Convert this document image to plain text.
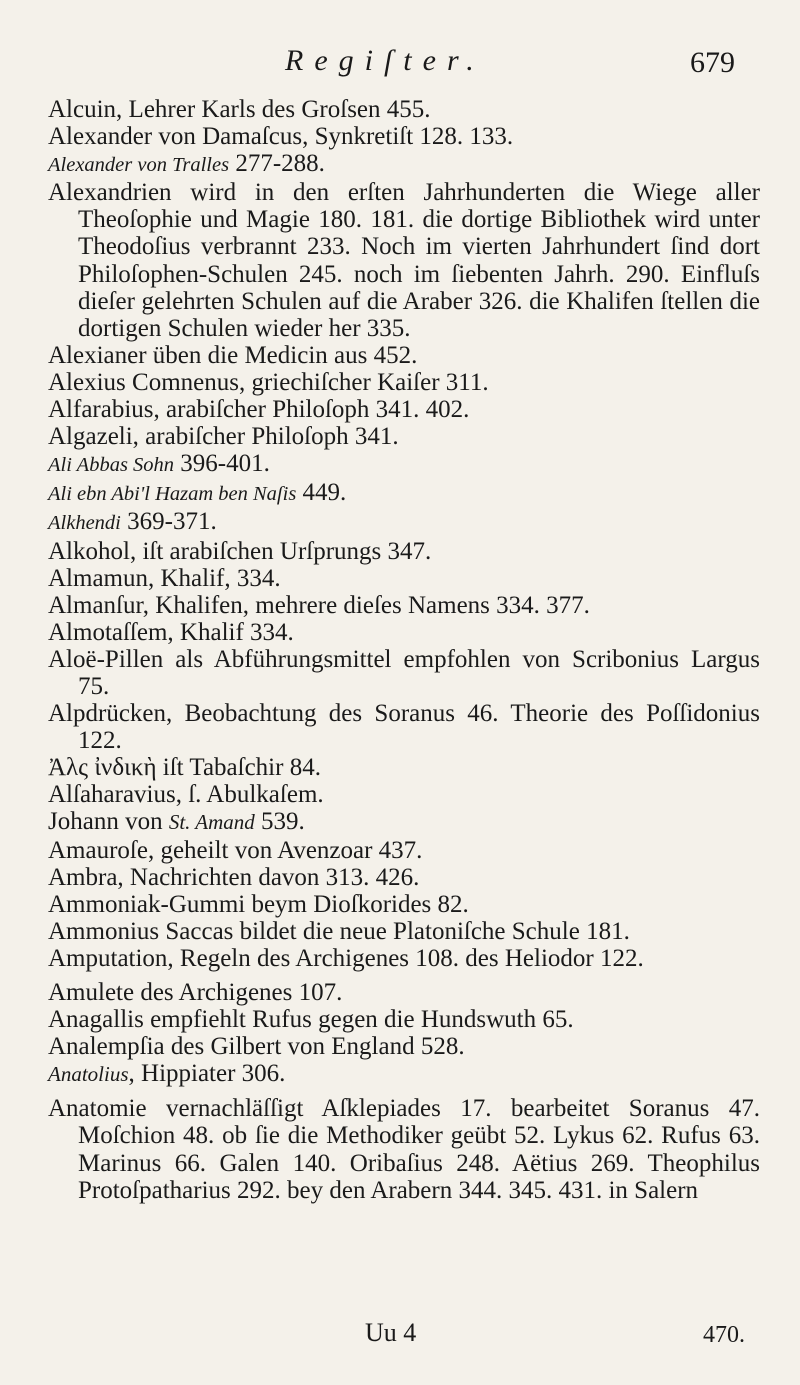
Regiſter.	679
Alcuin, Lehrer Karls des Groſsen 455.
Alexander von Damaſcus, Synkretiſt 128. 133.
Alexander von Tralles 277-288.
Alexandrien wird in den erſten Jahrhunderten die Wiege aller Theoſophie und Magie 180. 181. die dortige Bibliothek wird unter Theodoſius verbrannt 233. Noch im vierten Jahrhundert ſind dort Philoſophen-Schulen 245. noch im ſiebenten Jahrh. 290. Einfluſs dieſer gelehrten Schulen auf die Araber 326. die Khalifen ſtellen die dortigen Schulen wieder her 335.
Alexianer üben die Medicin aus 452.
Alexius Comnenus, griechiſcher Kaiſer 311.
Alfarabius, arabiſcher Philoſoph 341. 402.
Algazeli, arabiſcher Philoſoph 341.
Ali Abbas Sohn 396-401.
Ali ebn Abi'l Hazam ben Naſis 449.
Alkhendi 369-371.
Alkohol, iſt arabiſchen Urſprungs 347.
Almamun, Khalif, 334.
Almanſur, Khalifen, mehrere dieſes Namens 334. 377.
Almotaſſem, Khalif 334.
Aloë-Pillen als Abführungsmittel empfohlen von Scribonius Largus 75.
Alpdrücken, Beobachtung des Soranus 46. Theorie des Poſſidonius 122.
Ἀλς ἰνδικὴ iſt Tabaſchir 84.
Alſaharavius, ſ. Abulkaſem.
Johann von St. Amand 539.
Amauroſe, geheilt von Avenzoar 437.
Ambra, Nachrichten davon 313. 426.
Ammoniak-Gummi beym Dioſkorides 82.
Ammonius Saccas bildet die neue Platoniſche Schule 181.
Amputation, Regeln des Archigenes 108. des Heliodor 122.
Amulete des Archigenes 107.
Anagallis empfiehlt Rufus gegen die Hundswuth 65.
Analempſia des Gilbert von England 528.
Anatolius, Hippiater 306.
Anatomie vernachläſſigt Aſklepiades 17. bearbeitet Soranus 47. Moſchion 48. ob ſie die Methodiker geübt 52. Lykus 62. Rufus 63. Marinus 66. Galen 140. Oribaſius 248. Aëtius 269. Theophilus Protoſpatharius 292. bey den Arabern 344. 345. 431. in Salern
Uu 4	470.
